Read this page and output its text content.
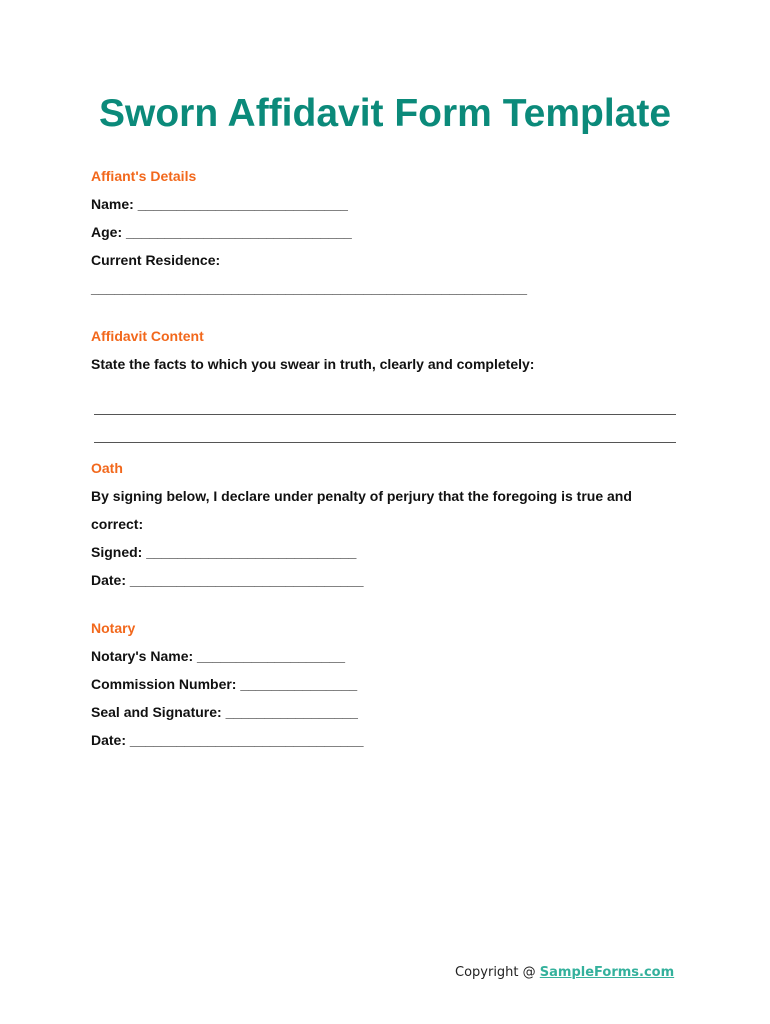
Sworn Affidavit Form Template
Affiant's Details
Name: ___________________________
Age: _____________________________
Current Residence:
________________________________________________________
Affidavit Content
State the facts to which you swear in truth, clearly and completely:
Oath
By signing below, I declare under penalty of perjury that the foregoing is true and
correct:
Signed: ___________________________
Date: ______________________________
Notary
Notary's Name: ___________________
Commission Number: _______________
Seal and Signature: _________________
Date: ______________________________
Copyright @ SampleForms.com
